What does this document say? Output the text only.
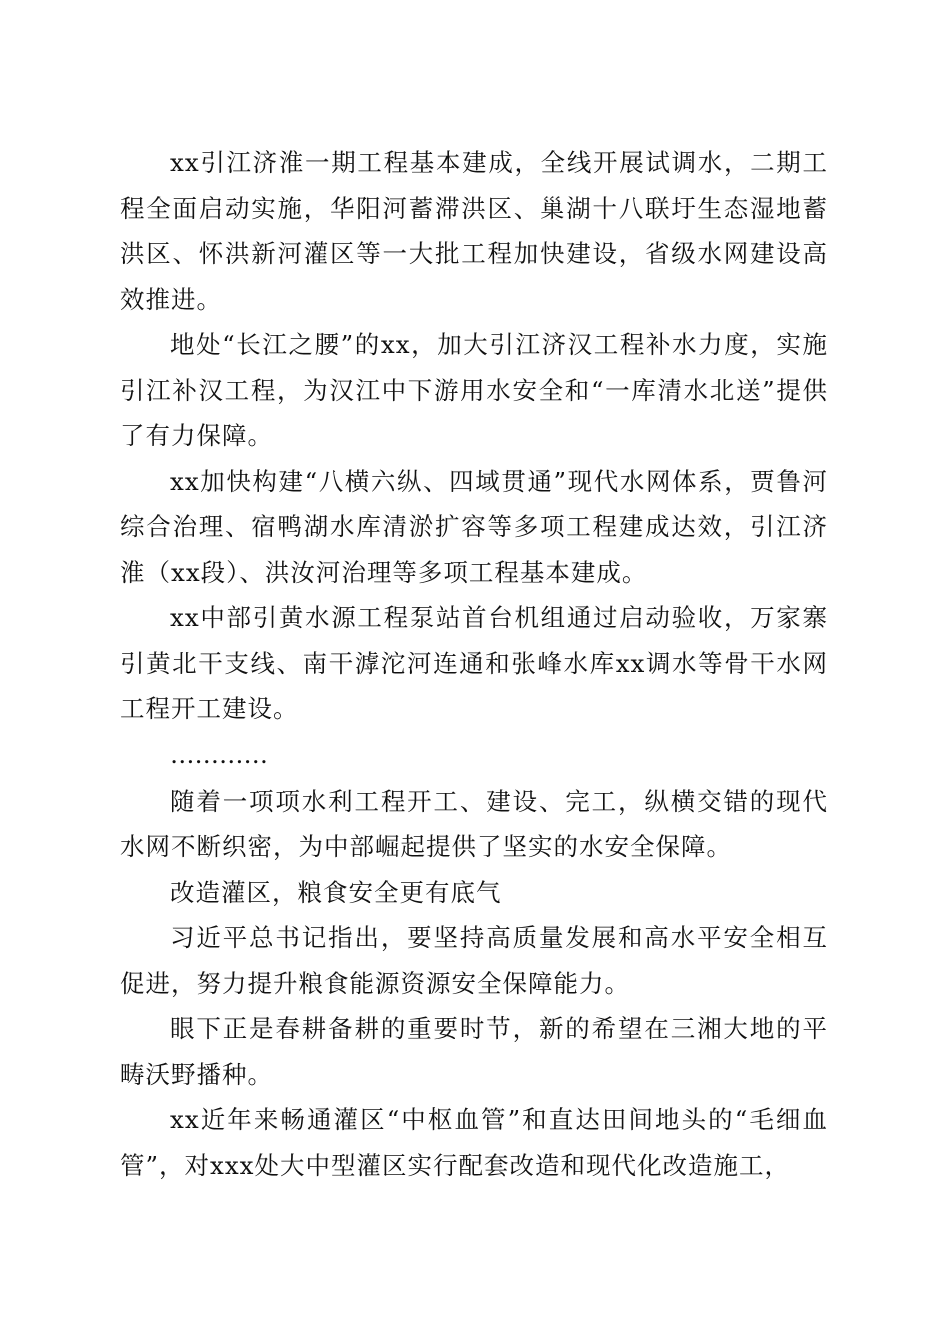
xx引江济淮一期工程基本建成，全线开展试调水，二期工程全面启动实施，华阳河蓄滞洪区、巢湖十八联圩生态湿地蓄洪区、怀洪新河灌区等一大批工程加快建设，省级水网建设高效推进。

地处“长江之腰”的xx，加大引江济汉工程补水力度，实施引江补汉工程，为汉江中下游用水安全和“一库清水北送”提供了有力保障。

xx加快构建“八横六纵、四域贯通”现代水网体系，贾鲁河综合治理、宿鸭湖水库清淤扩容等多项工程建成达效，引江济淮（xx段）、洪汝河治理等多项工程基本建成。

xx中部引黄水源工程泵站首台机组通过启动验收，万家寨引黄北干支线、南干滹沱河连通和张峰水库xx调水等骨干水网工程开工建设。

…………

随着一项项水利工程开工、建设、完工，纵横交错的现代水网不断织密，为中部崛起提供了坚实的水安全保障。

改造灌区，粮食安全更有底气

习近平总书记指出，要坚持高质量发展和高水平安全相互促进，努力提升粮食能源资源安全保障能力。

眼下正是春耕备耕的重要时节，新的希望在三湘大地的平畴沃野播种。

xx近年来畅通灌区“中枢血管”和直达田间地头的“毛细血管”，对xxx处大中型灌区实行配套改造和现代化改造施工，
